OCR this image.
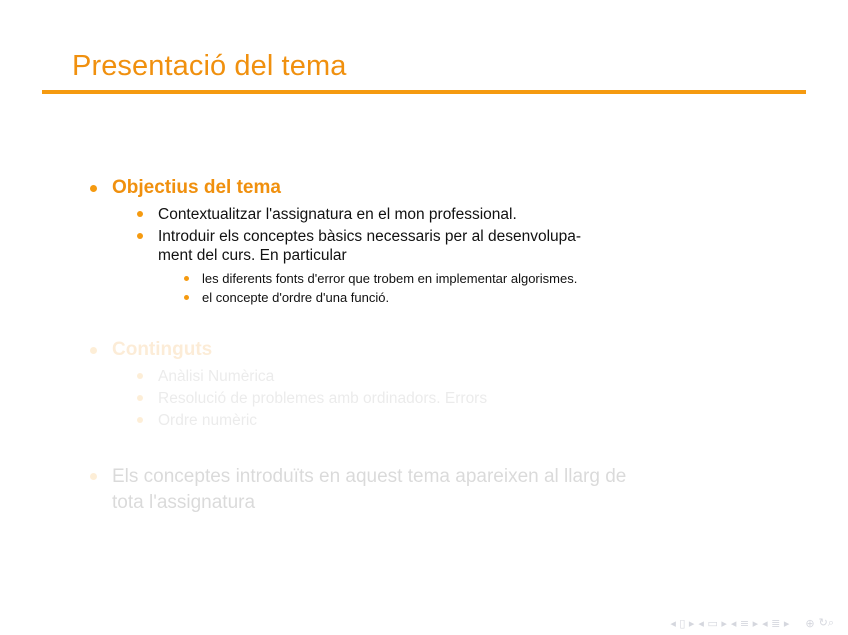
Presentació del tema
Objectius del tema
Contextualitzar l'assignatura en el mon professional.
Introduir els conceptes bàsics necessaris per al desenvolupa-
ment del curs. En particular
les diferents fonts d'error que trobem en implementar algorismes.
el concepte d'ordre d'una funció.
Continguts
Anàlisi Numèrica
Resolució de problemes amb ordinadors. Errors
Ordre numèric
Els conceptes introduïts en aquest tema apareixen al llarg de
tota l'assignatura
◂ ▯ ▸ ◂ ▭ ▸ ◂ ≡ ▸ ◂ ≣ ▸ ⊕ ↻⌕
